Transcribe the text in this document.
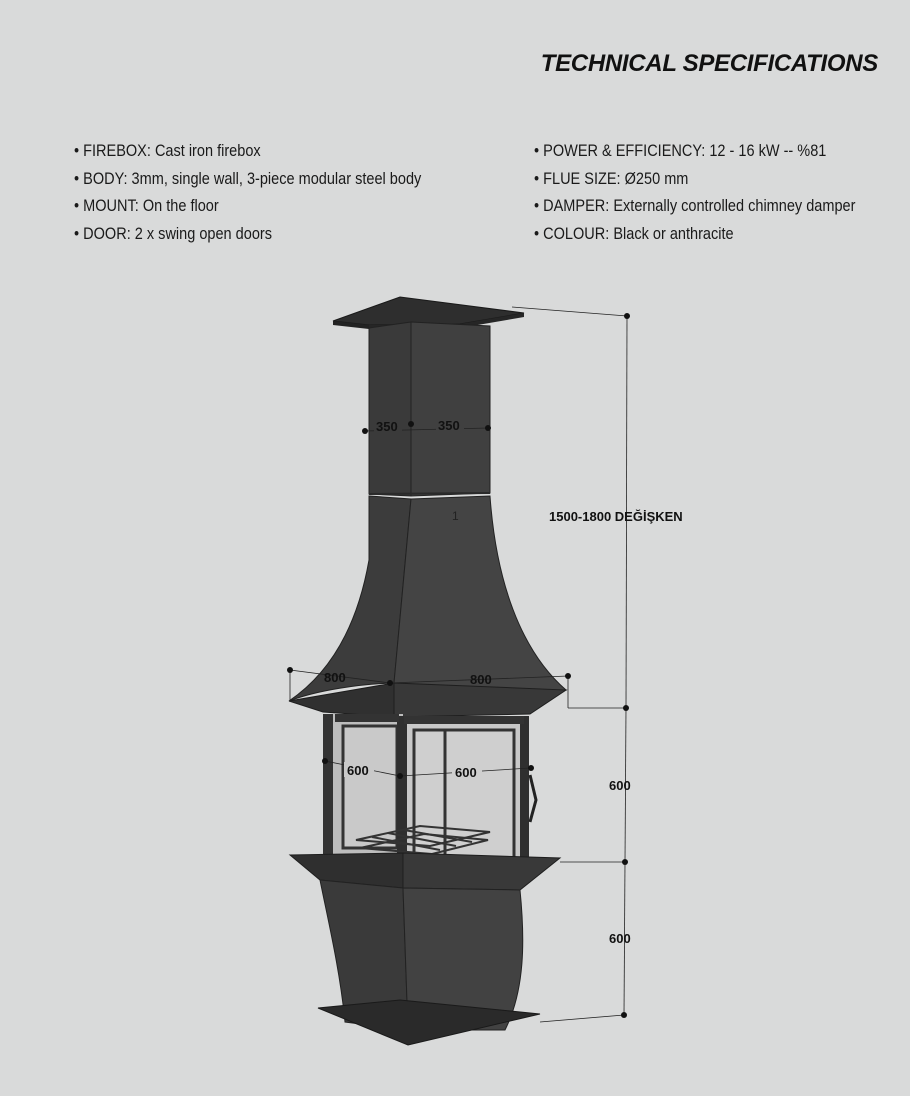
TECHNICAL SPECIFICATIONS
• FIREBOX: Cast iron firebox
• BODY: 3mm, single wall, 3-piece modular steel body
• MOUNT: On the floor
• DOOR: 2 x swing open doors
• POWER & EFFICIENCY: 12 - 16 kW -- %81
• FLUE SIZE: Ø250 mm
• DAMPER: Externally controlled chimney damper
• COLOUR: Black or anthracite
1
350	350
1500-1800 DEĞİŞKEN
800	800
600	600
600
600
